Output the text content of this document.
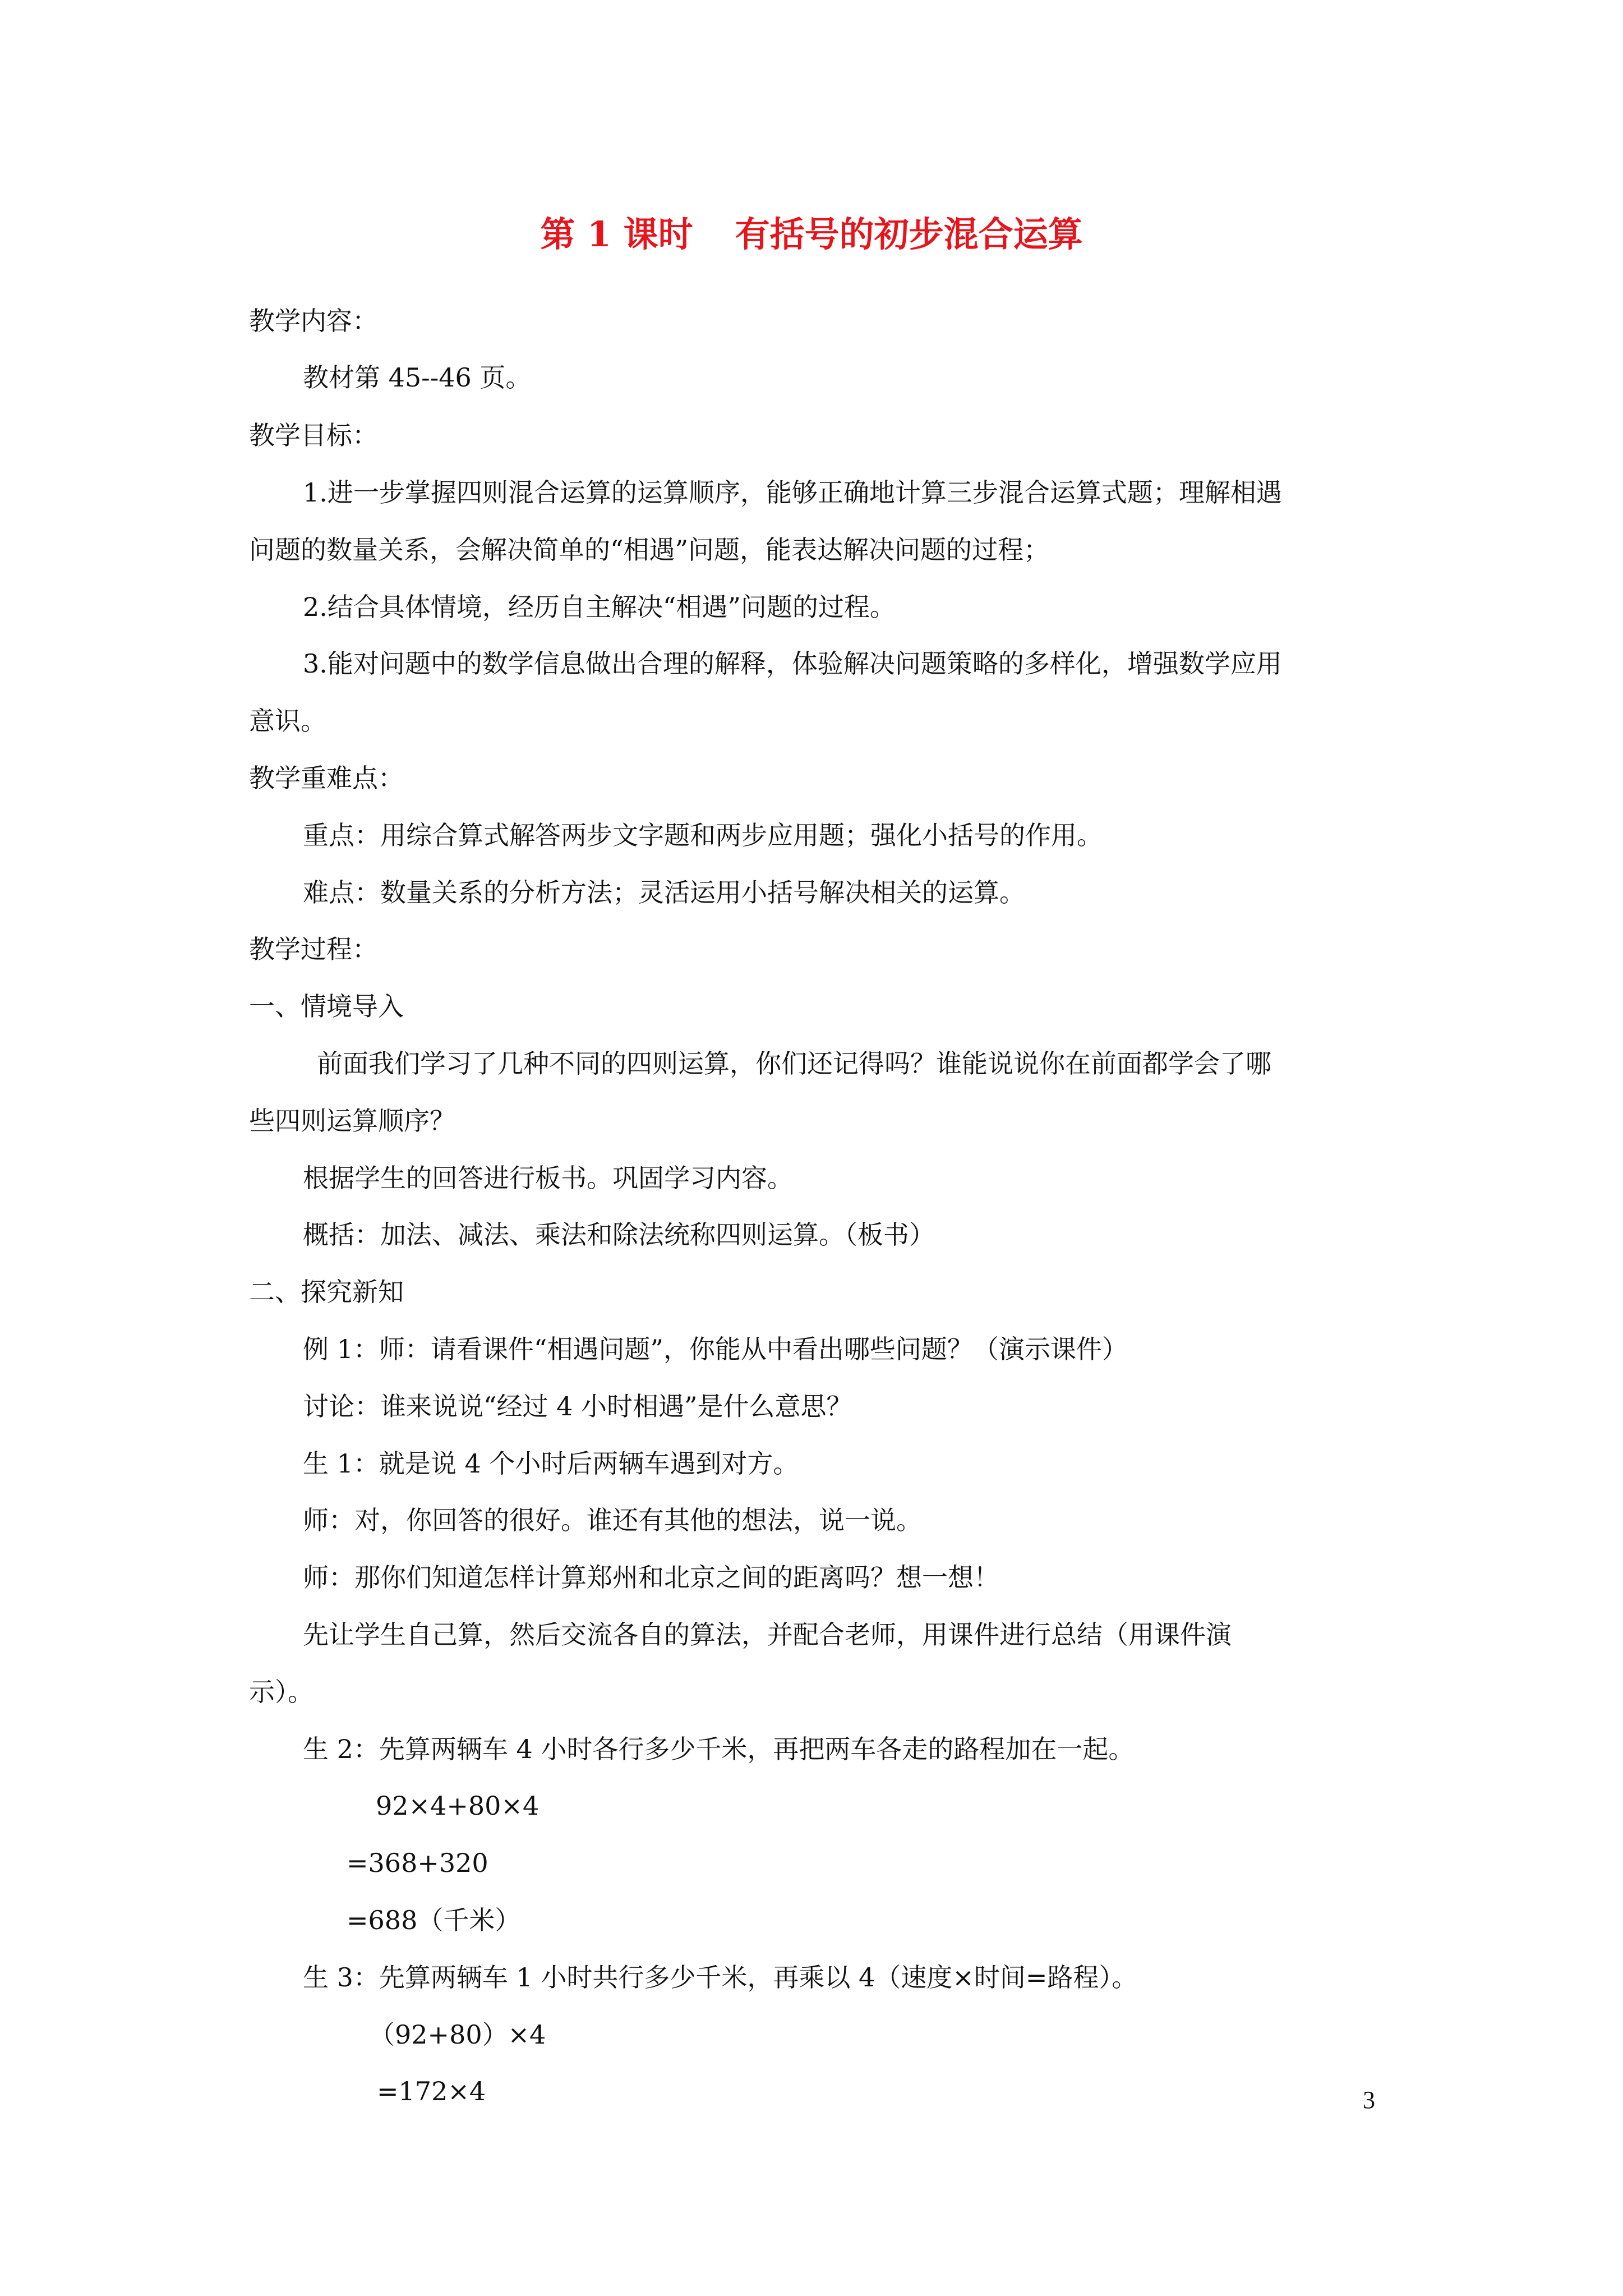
第 1 课时 有括号的初步混合运算
教学内容：
教材第 45--46 页。
教学目标：
1.进一步掌握四则混合运算的运算顺序，能够正确地计算三步混合运算式题；理解相遇
问题的数量关系，会解决简单的“相遇”问题，能表达解决问题的过程；
2.结合具体情境，经历自主解决“相遇”问题的过程。
3.能对问题中的数学信息做出合理的解释，体验解决问题策略的多样化，增强数学应用
意识。
教学重难点：
重点：用综合算式解答两步文字题和两步应用题；强化小括号的作用。
难点：数量关系的分析方法；灵活运用小括号解决相关的运算。
教学过程：
一、情境导入
前面我们学习了几种不同的四则运算，你们还记得吗？谁能说说你在前面都学会了哪
些四则运算顺序？
根据学生的回答进行板书。巩固学习内容。
概括：加法、减法、乘法和除法统称四则运算。（板书）
二、探究新知
例 1：师：请看课件“相遇问题”，你能从中看出哪些问题？（演示课件）
讨论：谁来说说“经过 4 小时相遇”是什么意思？
生 1：就是说 4 个小时后两辆车遇到对方。
师：对，你回答的很好。谁还有其他的想法，说一说。
师：那你们知道怎样计算郑州和北京之间的距离吗？想一想！
先让学生自己算，然后交流各自的算法，并配合老师，用课件进行总结（用课件演
示）。
生 2：先算两辆车 4 小时各行多少千米，再把两车各走的路程加在一起。
92×4+80×4
=368+320
=688（千米）
生 3：先算两辆车 1 小时共行多少千米，再乘以 4（速度×时间=路程）。
（92+80）×4
=172×4	3
